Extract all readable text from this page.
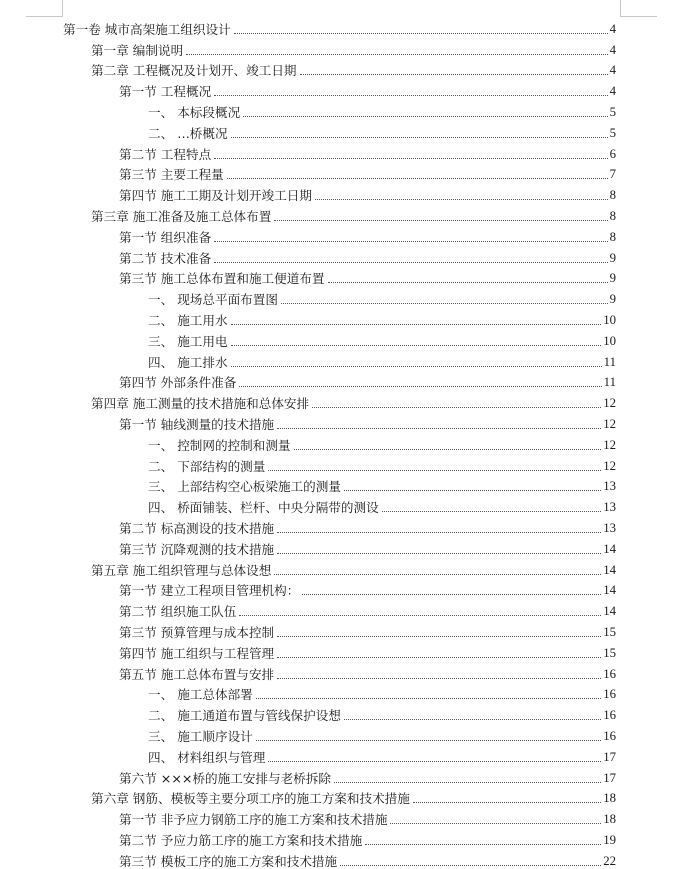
第一卷 城市高架施工组织设计	4
第一章 编制说明	4
第二章 工程概况及计划开、竣工日期	4
第一节 工程概况	4
一、 本标段概况	5
二、 …桥概况	5
第二节 工程特点	6
第三节 主要工程量	7
第四节 施工工期及计划开竣工日期	8
第三章 施工准备及施工总体布置	8
第一节 组织准备	8
第二节 技术准备	9
第三节 施工总体布置和施工便道布置	9
一、 现场总平面布置图	9
二、 施工用水	10
三、 施工用电	10
四、 施工排水	11
第四节 外部条件准备	11
第四章 施工测量的技术措施和总体安排	12
第一节 轴线测量的技术措施	12
一、 控制网的控制和测量	12
二、 下部结构的测量	12
三、 上部结构空心板梁施工的测量	13
四、 桥面铺装、栏杆、中央分隔带的测设	13
第二节 标高测设的技术措施	13
第三节 沉降观测的技术措施	14
第五章 施工组织管理与总体设想	14
第一节 建立工程项目管理机构：	14
第二节 组织施工队伍	14
第三节 预算管理与成本控制	15
第四节 施工组织与工程管理	15
第五节 施工总体布置与安排	16
一、 施工总体部署	16
二、 施工通道布置与管线保护设想	16
三、 施工顺序设计	16
四、 材料组织与管理	17
第六节 ×××桥的施工安排与老桥拆除	17
第六章 钢筋、模板等主要分项工序的施工方案和技术措施	18
第一节 非予应力钢筋工序的施工方案和技术措施	18
第二节 予应力筋工序的施工方案和技术措施	19
第三节 模板工序的施工方案和技术措施	22
